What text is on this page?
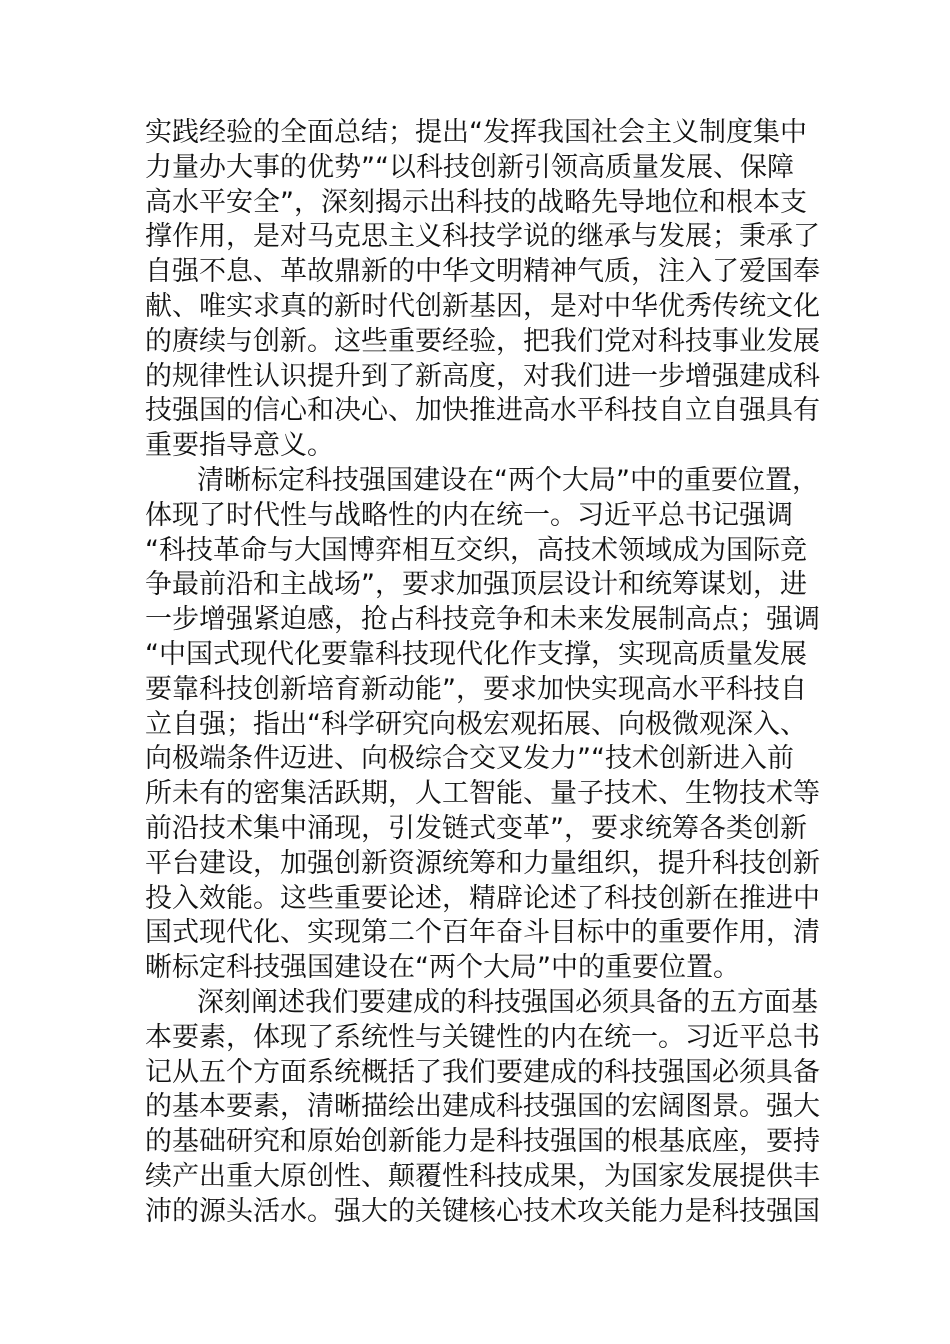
实践经验的全面总结；提出“发挥我国社会主义制度集中
力量办大事的优势”“以科技创新引领高质量发展、保障
高水平安全”，深刻揭示出科技的战略先导地位和根本支
撑作用，是对马克思主义科技学说的继承与发展；秉承了
自强不息、革故鼎新的中华文明精神气质，注入了爱国奉
献、唯实求真的新时代创新基因，是对中华优秀传统文化
的赓续与创新。这些重要经验，把我们党对科技事业发展
的规律性认识提升到了新高度，对我们进一步增强建成科
技强国的信心和决心、加快推进高水平科技自立自强具有
重要指导意义。
清晰标定科技强国建设在“两个大局”中的重要位置，
体现了时代性与战略性的内在统一。习近平总书记强调
“科技革命与大国博弈相互交织，高技术领域成为国际竞
争最前沿和主战场”，要求加强顶层设计和统筹谋划，进
一步增强紧迫感，抢占科技竞争和未来发展制高点；强调
“中国式现代化要靠科技现代化作支撑，实现高质量发展
要靠科技创新培育新动能”，要求加快实现高水平科技自
立自强；指出“科学研究向极宏观拓展、向极微观深入、
向极端条件迈进、向极综合交叉发力”“技术创新进入前
所未有的密集活跃期，人工智能、量子技术、生物技术等
前沿技术集中涌现，引发链式变革”，要求统筹各类创新
平台建设，加强创新资源统筹和力量组织，提升科技创新
投入效能。这些重要论述，精辟论述了科技创新在推进中
国式现代化、实现第二个百年奋斗目标中的重要作用，清
晰标定科技强国建设在“两个大局”中的重要位置。
深刻阐述我们要建成的科技强国必须具备的五方面基
本要素，体现了系统性与关键性的内在统一。习近平总书
记从五个方面系统概括了我们要建成的科技强国必须具备
的基本要素，清晰描绘出建成科技强国的宏阔图景。强大
的基础研究和原始创新能力是科技强国的根基底座，要持
续产出重大原创性、颠覆性科技成果，为国家发展提供丰
沛的源头活水。强大的关键核心技术攻关能力是科技强国
